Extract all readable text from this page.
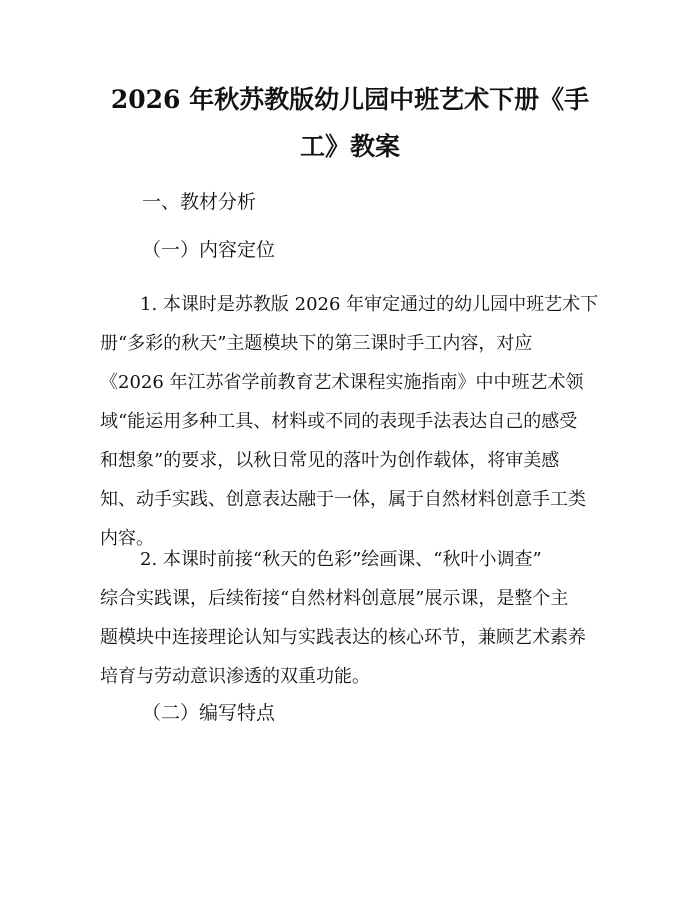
2026 年秋苏教版幼儿园中班艺术下册《手
工》教案

一、教材分析

（一）内容定位

1. 本课时是苏教版 2026 年审定通过的幼儿园中班艺术下
册“多彩的秋天”主题模块下的第三课时手工内容，对应
《2026 年江苏省学前教育艺术课程实施指南》中中班艺术领
域“能运用多种工具、材料或不同的表现手法表达自己的感受
和想象”的要求，以秋日常见的落叶为创作载体，将审美感
知、动手实践、创意表达融于一体，属于自然材料创意手工类
内容。
2. 本课时前接“秋天的色彩”绘画课、“秋叶小调查”
综合实践课，后续衔接“自然材料创意展”展示课，是整个主
题模块中连接理论认知与实践表达的核心环节，兼顾艺术素养
培育与劳动意识渗透的双重功能。

（二）编写特点
